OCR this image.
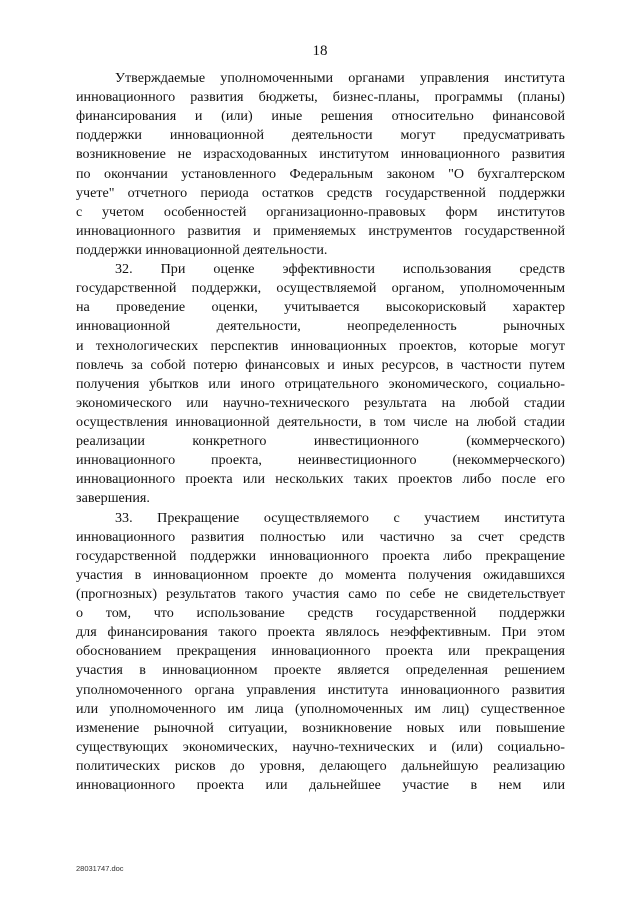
18
Утверждаемые уполномоченными органами управления института
инновационного развития бюджеты, бизнес-планы, программы (планы)
финансирования и (или) иные решения относительно финансовой
поддержки инновационной деятельности могут предусматривать
возникновение не израсходованных институтом инновационного развития
по окончании установленного Федеральным законом "О бухгалтерском
учете" отчетного периода остатков средств государственной поддержки
с учетом особенностей организационно-правовых форм институтов
инновационного развития и применяемых инструментов государственной
поддержки инновационной деятельности.
32. При оценке эффективности использования средств
государственной поддержки, осуществляемой органом, уполномоченным
на проведение оценки, учитывается высокорисковый характер
инновационной деятельности, неопределенность рыночных
и технологических перспектив инновационных проектов, которые могут
повлечь за собой потерю финансовых и иных ресурсов, в частности путем
получения убытков или иного отрицательного экономического, социально-
экономического или научно-технического результата на любой стадии
осуществления инновационной деятельности, в том числе на любой стадии
реализации конкретного инвестиционного (коммерческого)
инновационного проекта, неинвестиционного (некоммерческого)
инновационного проекта или нескольких таких проектов либо после его
завершения.
33. Прекращение осуществляемого с участием института
инновационного развития полностью или частично за счет средств
государственной поддержки инновационного проекта либо прекращение
участия в инновационном проекте до момента получения ожидавшихся
(прогнозных) результатов такого участия само по себе не свидетельствует
о том, что использование средств государственной поддержки
для финансирования такого проекта являлось неэффективным. При этом
обоснованием прекращения инновационного проекта или прекращения
участия в инновационном проекте является определенная решением
уполномоченного органа управления института инновационного развития
или уполномоченного им лица (уполномоченных им лиц) существенное
изменение рыночной ситуации, возникновение новых или повышение
существующих экономических, научно-технических и (или) социально-
политических рисков до уровня, делающего дальнейшую реализацию
инновационного проекта или дальнейшее участие в нем или
28031747.doc
